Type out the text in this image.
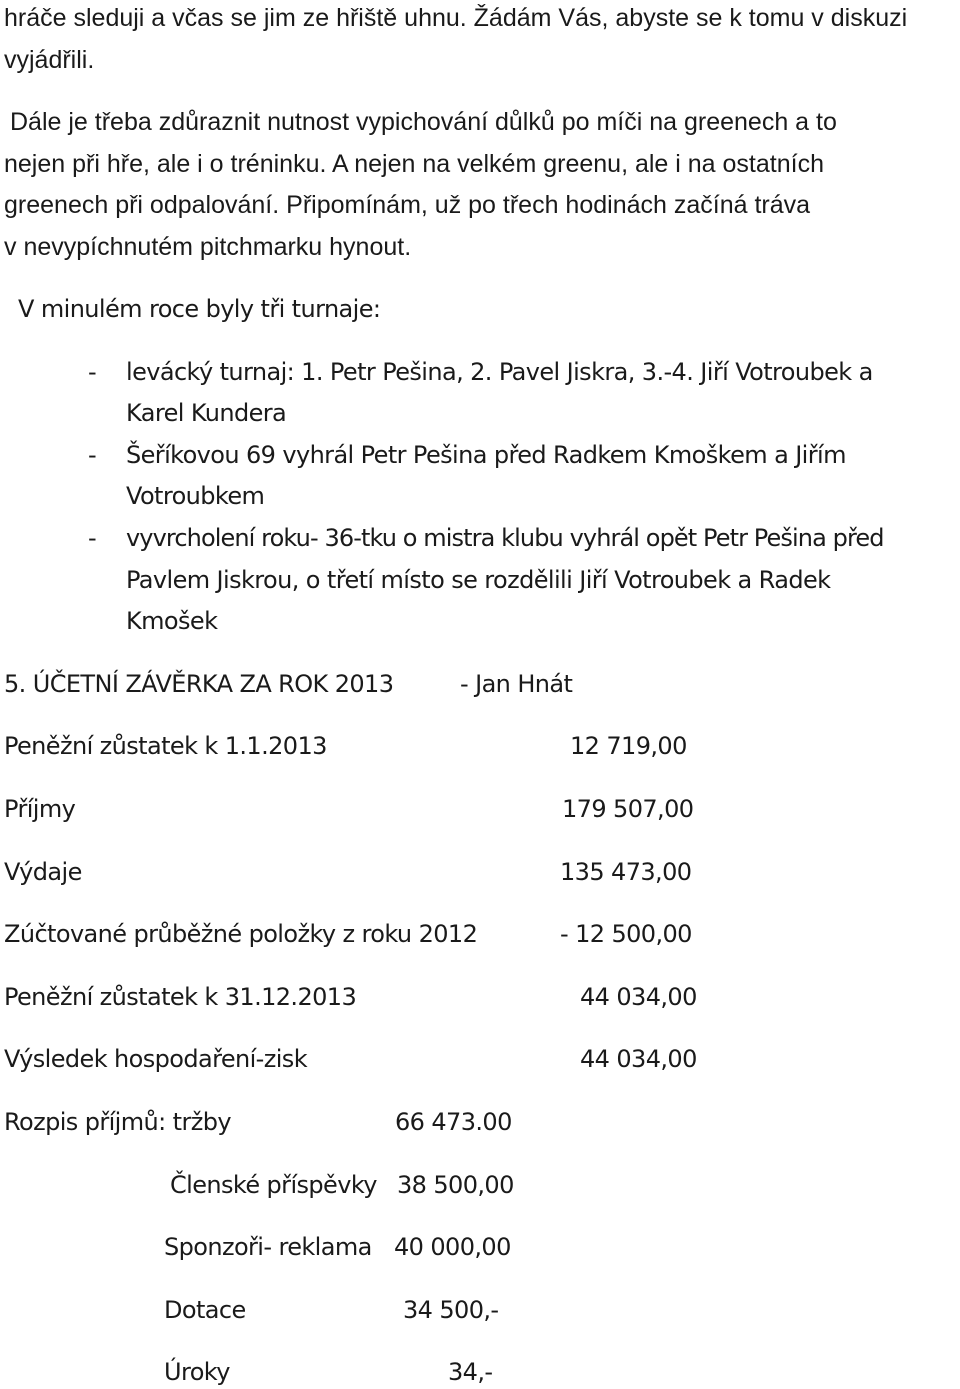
hráče sleduji a včas se jim ze hřiště uhnu. Žádám Vás, abyste se k tomu v diskuzi
vyjádřili.
Dále je třeba zdůraznit nutnost vypichování důlků po míči na greenech a to
nejen při hře, ale i o tréninku. A nejen na velkém greenu, ale i na ostatních
greenech při odpalování. Připomínám, už po třech hodinách začíná tráva
v nevypíchnutém pitchmarku hynout.
V minulém roce byly tři turnaje:
- levácký turnaj: 1. Petr Pešina, 2. Pavel Jiskra, 3.-4. Jiří Votroubek a
Karel Kundera
- Šeříkovou 69 vyhrál Petr Pešina před Radkem Kmoškem a Jiřím
Votroubkem
- vyvrcholení roku- 36-tku o mistra klubu vyhrál opět Petr Pešina před
Pavlem Jiskrou, o třetí místo se rozdělili Jiří Votroubek a Radek
Kmošek
5. ÚČETNÍ ZÁVĚRKA ZA ROK 2013	- Jan Hnát
Peněžní zůstatek k 1.1.2013	12 719,00
Příjmy	179 507,00
Výdaje	135 473,00
Zúčtované průběžné položky z roku 2012	- 12 500,00
Peněžní zůstatek k 31.12.2013	44 034,00
Výsledek hospodaření-zisk	44 034,00
Rozpis příjmů: tržby	66 473.00
Členské příspěvky 38 500,00
Sponzoři- reklama 40 000,00
Dotace	34 500,-
Úroky	34,-
